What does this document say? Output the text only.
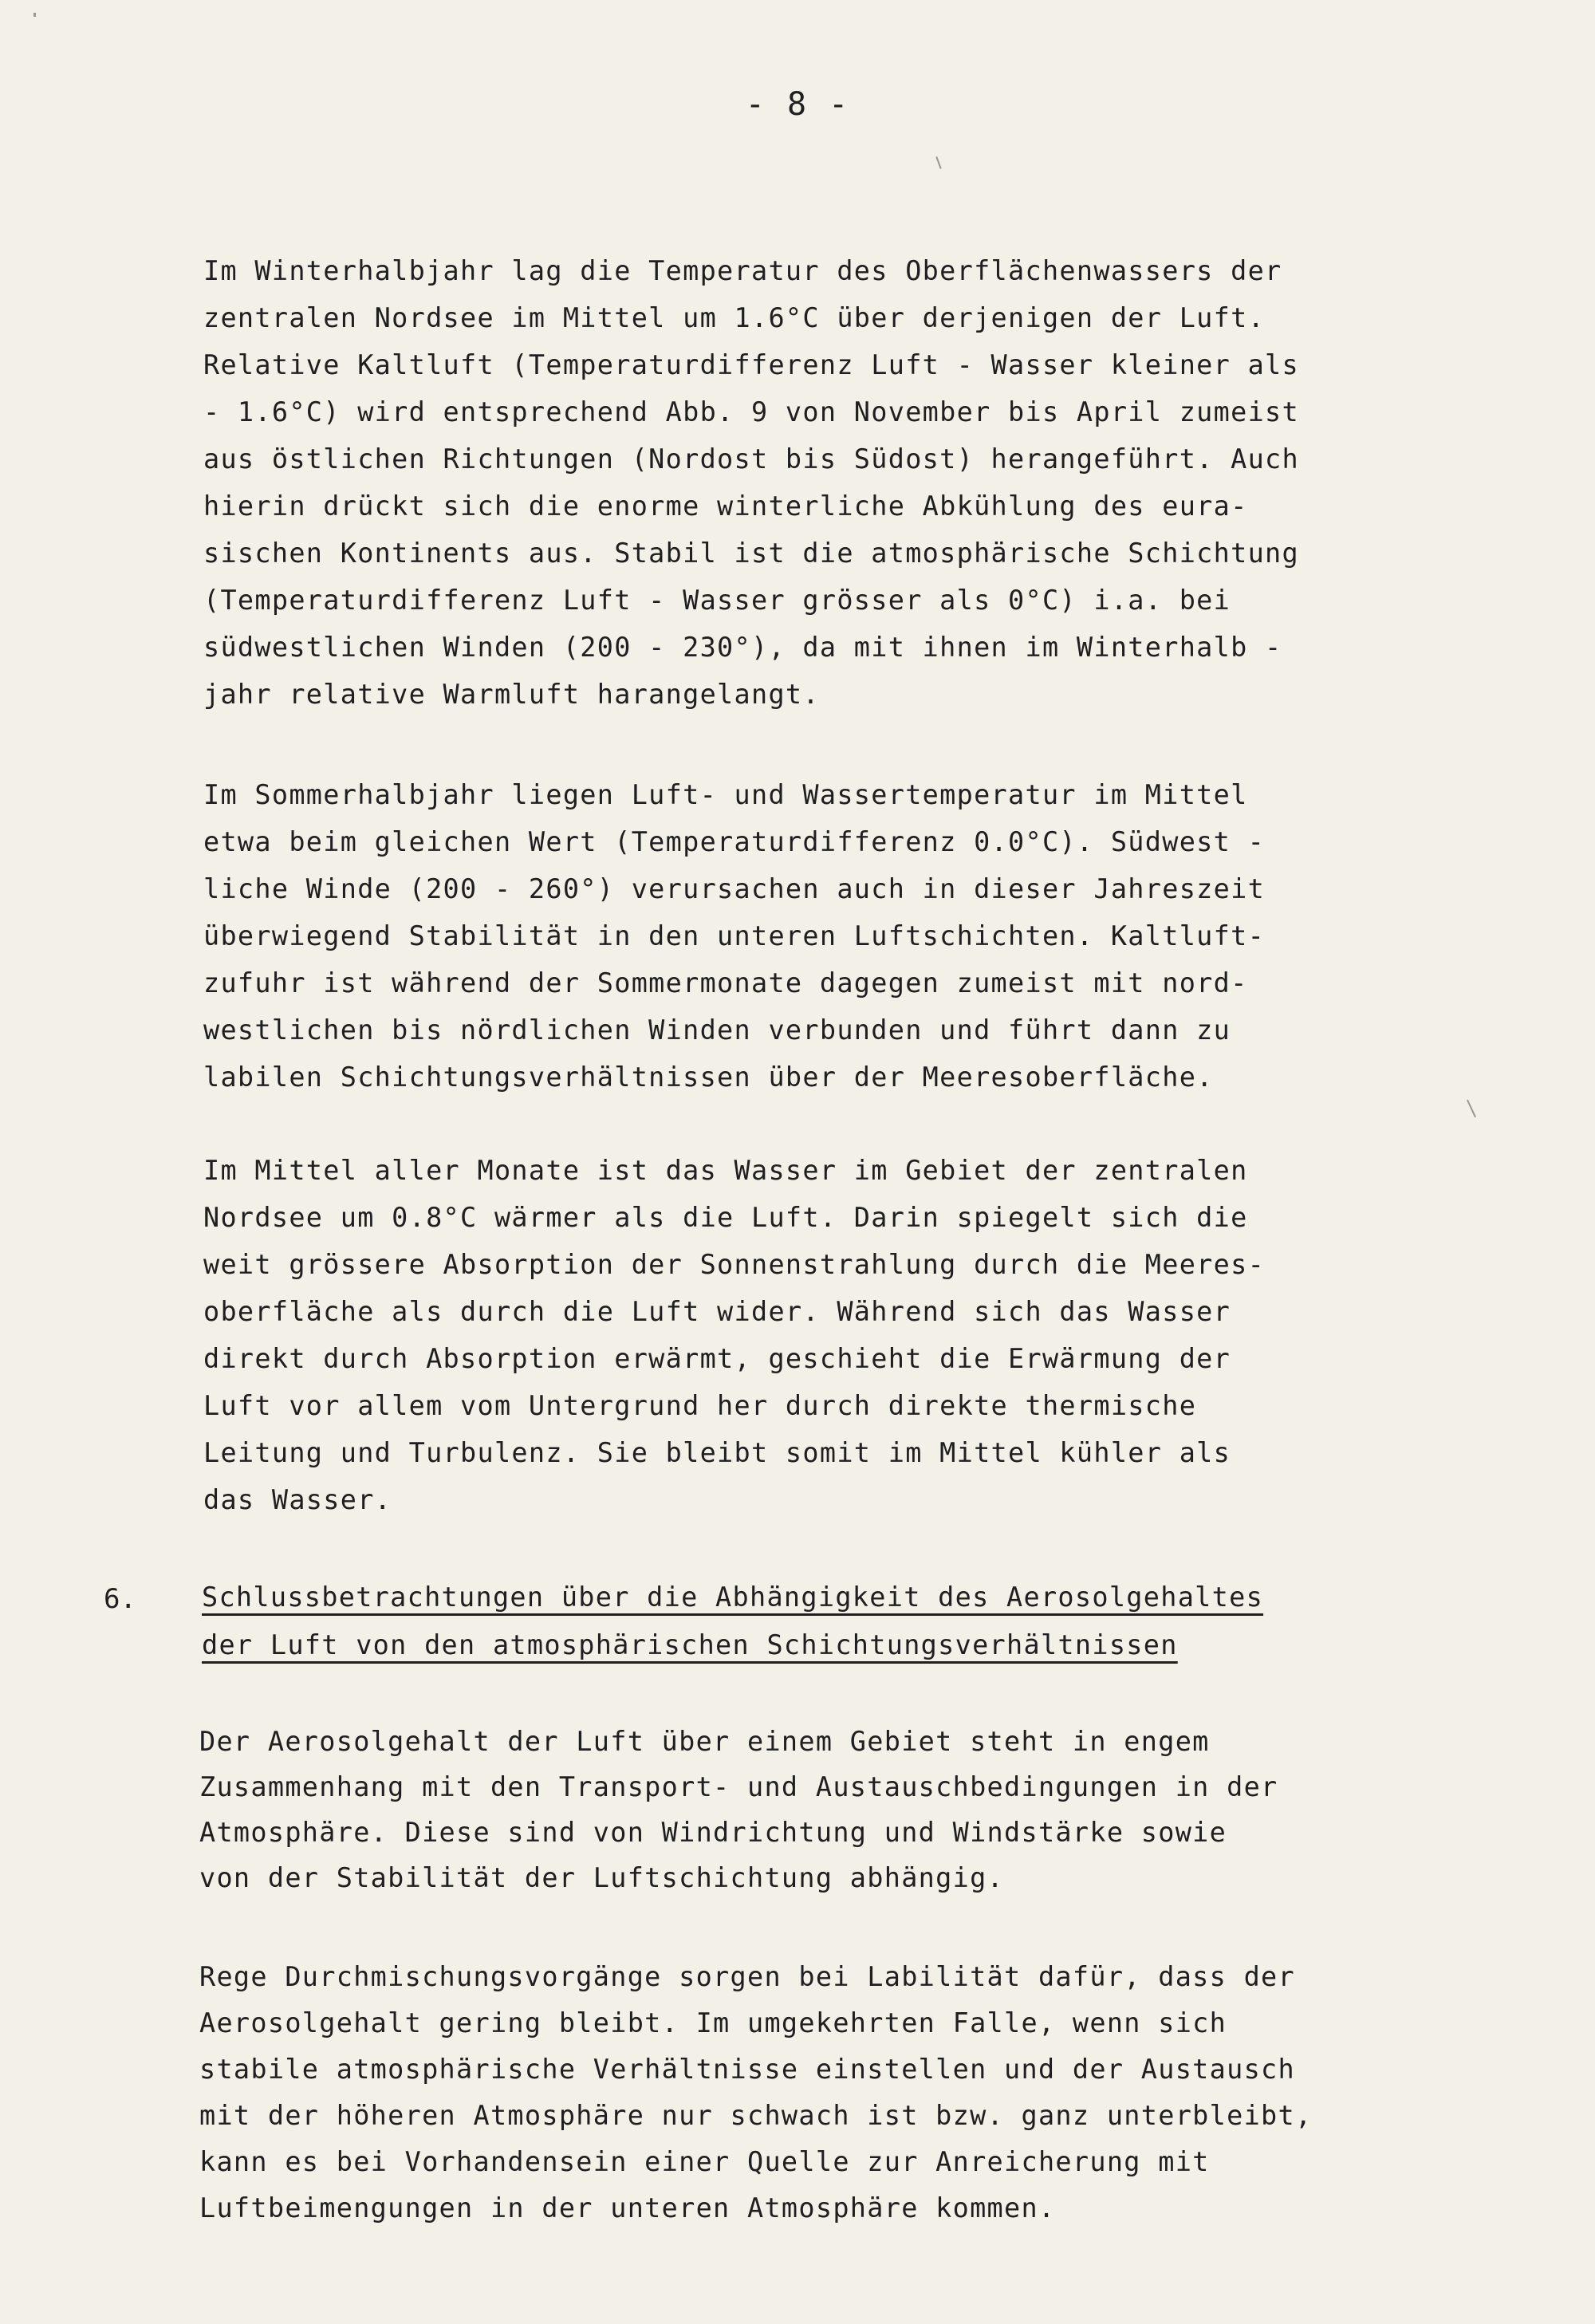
- 8 -
Im Winterhalbjahr lag die Temperatur des Oberflächenwassers der
zentralen Nordsee im Mittel um 1.6°C über derjenigen der Luft.
Relative Kaltluft (Temperaturdifferenz Luft - Wasser kleiner als
- 1.6°C) wird entsprechend Abb. 9 von November bis April zumeist
aus östlichen Richtungen (Nordost bis Südost) herangeführt. Auch
hierin drückt sich die enorme winterliche Abkühlung des eura-
sischen Kontinents aus. Stabil ist die atmosphärische Schichtung
(Temperaturdifferenz Luft - Wasser grösser als 0°C) i.a. bei
südwestlichen Winden (200 - 230°), da mit ihnen im Winterhalb -
jahr relative Warmluft harangelangt.
Im Sommerhalbjahr liegen Luft- und Wassertemperatur im Mittel
etwa beim gleichen Wert (Temperaturdifferenz 0.0°C). Südwest -
liche Winde (200 - 260°) verursachen auch in dieser Jahreszeit
überwiegend Stabilität in den unteren Luftschichten. Kaltluft-
zufuhr ist während der Sommermonate dagegen zumeist mit nord-
westlichen bis nördlichen Winden verbunden und führt dann zu
labilen Schichtungsverhältnissen über der Meeresoberfläche.
Im Mittel aller Monate ist das Wasser im Gebiet der zentralen
Nordsee um 0.8°C wärmer als die Luft. Darin spiegelt sich die
weit grössere Absorption der Sonnenstrahlung durch die Meeres-
oberfläche als durch die Luft wider. Während sich das Wasser
direkt durch Absorption erwärmt, geschieht die Erwärmung der
Luft vor allem vom Untergrund her durch direkte thermische
Leitung und Turbulenz. Sie bleibt somit im Mittel kühler als
das Wasser.
6. Schlussbetrachtungen über die Abhängigkeit des Aerosolgehaltes
der Luft von den atmosphärischen Schichtungsverhältnissen
Der Aerosolgehalt der Luft über einem Gebiet steht in engem
Zusammenhang mit den Transport- und Austauschbedingungen in der
Atmosphäre. Diese sind von Windrichtung und Windstärke sowie
von der Stabilität der Luftschichtung abhängig.
Rege Durchmischungsvorgänge sorgen bei Labilität dafür, dass der
Aerosolgehalt gering bleibt. Im umgekehrten Falle, wenn sich
stabile atmosphärische Verhältnisse einstellen und der Austausch
mit der höheren Atmosphäre nur schwach ist bzw. ganz unterbleibt,
kann es bei Vorhandensein einer Quelle zur Anreicherung mit
Luftbeimengungen in der unteren Atmosphäre kommen.
